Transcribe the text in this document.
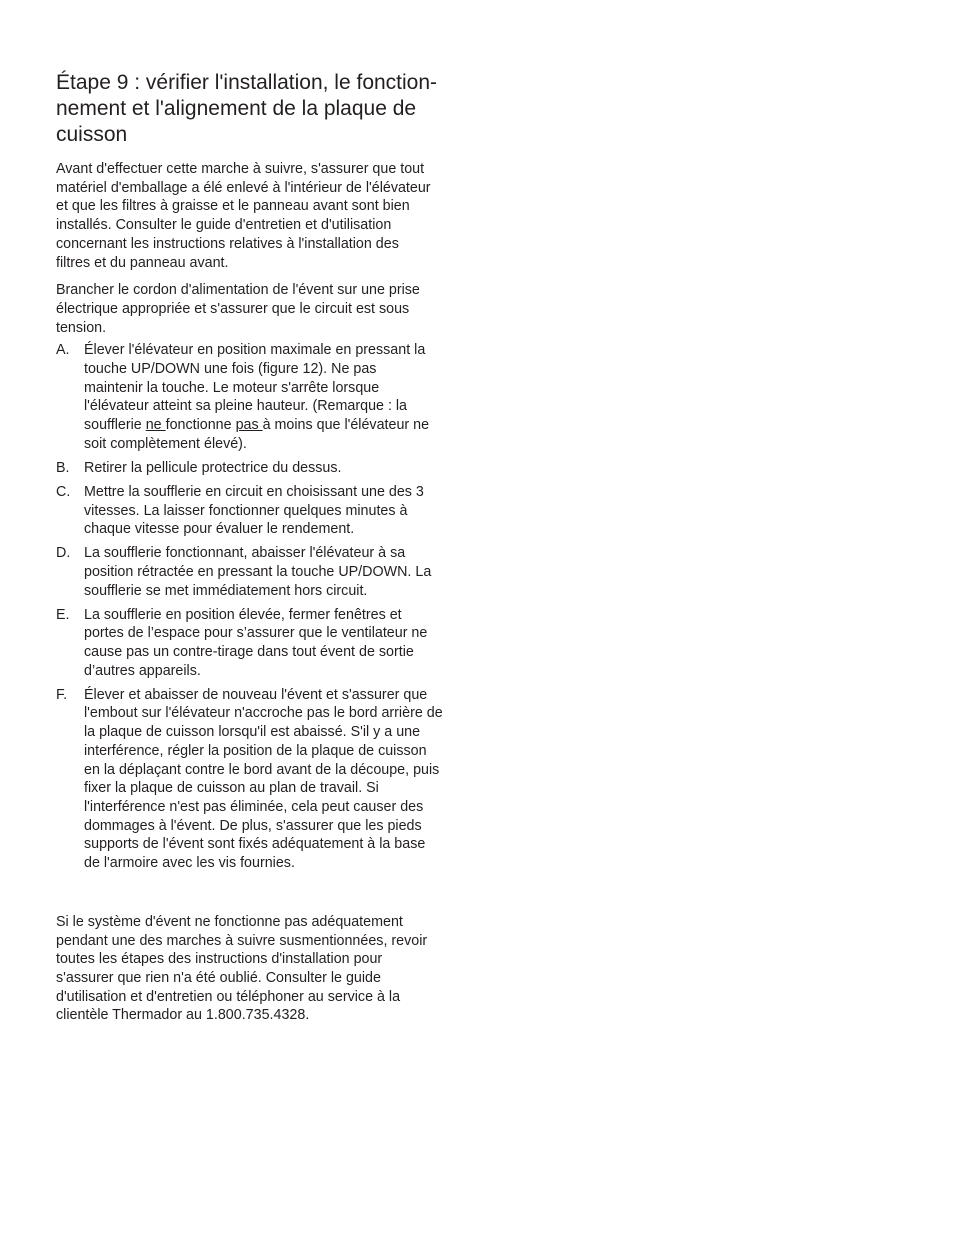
Étape 9 : vérifier l'installation, le fonction-
nement et l'alignement de la plaque de
cuisson

Avant d'effectuer cette marche à suivre, s'assurer que tout
matériel d'emballage a élé enlevé à l'intérieur de l'élévateur
et que les filtres à graisse et le panneau avant sont bien
installés. Consulter le guide d'entretien et d'utilisation
concernant les instructions relatives à l'installation des
filtres et du panneau avant.

Brancher le cordon d'alimentation de l'évent sur une prise
électrique appropriée et s'assurer que le circuit est sous
tension.

A. Élever l'élévateur en position maximale en pressant la
touche UP/DOWN une fois (figure 12). Ne pas
maintenir la touche. Le moteur s'arrête lorsque
l'élévateur atteint sa pleine hauteur. (Remarque : la
soufflerie ne fonctionne pas à moins que l'élévateur ne
soit complètement élevé).
B. Retirer la pellicule protectrice du dessus.
C. Mettre la soufflerie en circuit en choisissant une des 3
vitesses. La laisser fonctionner quelques minutes à
chaque vitesse pour évaluer le rendement.
D. La soufflerie fonctionnant, abaisser l'élévateur à sa
position rétractée en pressant la touche UP/DOWN. La
soufflerie se met immédiatement hors circuit.
E. La soufflerie en position élevée, fermer fenêtres et
portes de l’espace pour s’assurer que le ventilateur ne
cause pas un contre-tirage dans tout évent de sortie
d’autres appareils.
F. Élever et abaisser de nouveau l'évent et s'assurer que
l'embout sur l'élévateur n'accroche pas le bord arrière de
la plaque de cuisson lorsqu'il est abaissé. S'il y a une
interférence, régler la position de la plaque de cuisson
en la déplaçant contre le bord avant de la découpe, puis
fixer la plaque de cuisson au plan de travail. Si
l'interférence n'est pas éliminée, cela peut causer des
dommages à l'évent. De plus, s'assurer que les pieds
supports de l'évent sont fixés adéquatement à la base
de l'armoire avec les vis fournies.

Si le système d'évent ne fonctionne pas adéquatement
pendant une des marches à suivre susmentionnées, revoir
toutes les étapes des instructions d'installation pour
s'assurer que rien n'a été oublié. Consulter le guide
d'utilisation et d'entretien ou téléphoner au service à la
clientèle Thermador au 1.800.735.4328.
